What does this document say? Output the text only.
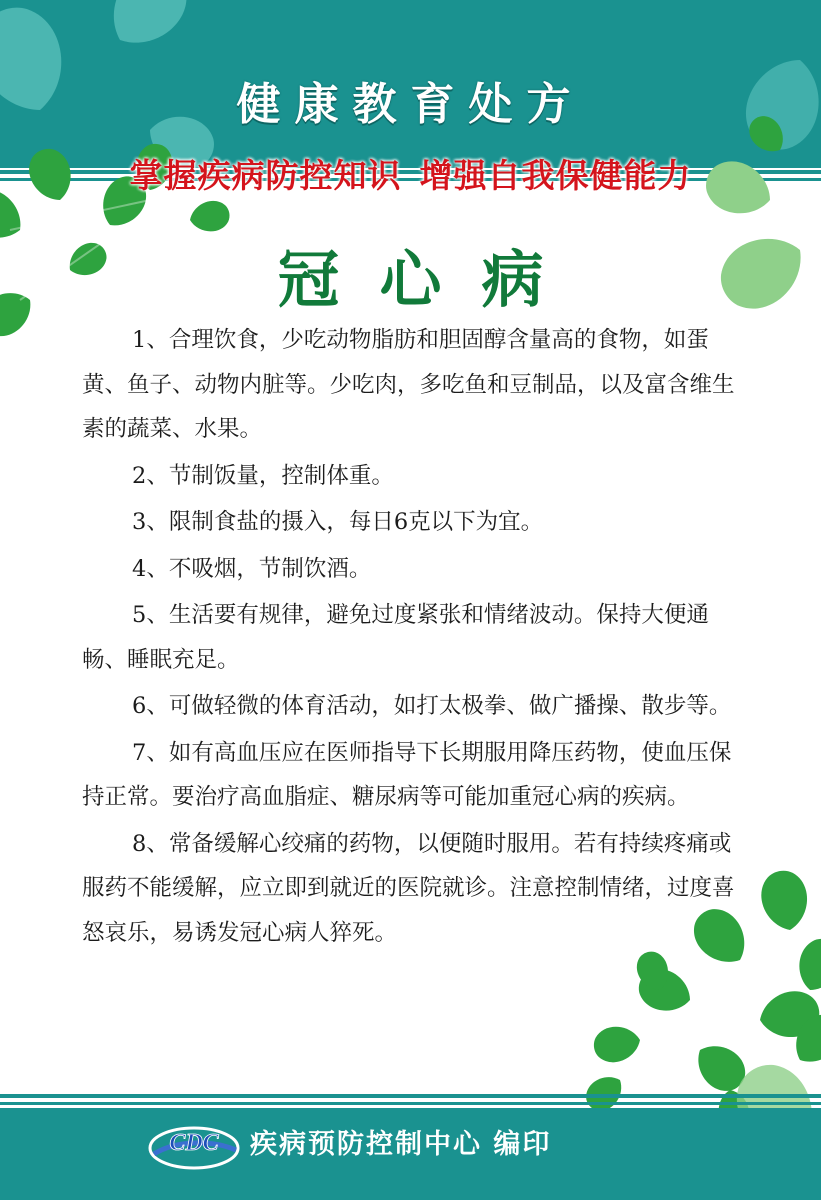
健康教育处方
掌握疾病防控知识 增强自我保健能力
冠心病

1、合理饮食，少吃动物脂肪和胆固醇含量高的食物，如蛋黄、鱼子、动物内脏等。少吃肉，多吃鱼和豆制品，以及富含维生素的蔬菜、水果。

2、节制饭量，控制体重。

3、限制食盐的摄入，每日6克以下为宜。

4、不吸烟，节制饮酒。

5、生活要有规律，避免过度紧张和情绪波动。保持大便通畅、睡眠充足。

6、可做轻微的体育活动，如打太极拳、做广播操、散步等。

7、如有高血压应在医师指导下长期服用降压药物，使血压保持正常。要治疗高血脂症、糖尿病等可能加重冠心病的疾病。

8、常备缓解心绞痛的药物，以便随时服用。若有持续疼痛或服药不能缓解，应立即到就近的医院就诊。注意控制情绪，过度喜怒哀乐，易诱发冠心病人猝死。

CDC 疾病预防控制中心 编印
